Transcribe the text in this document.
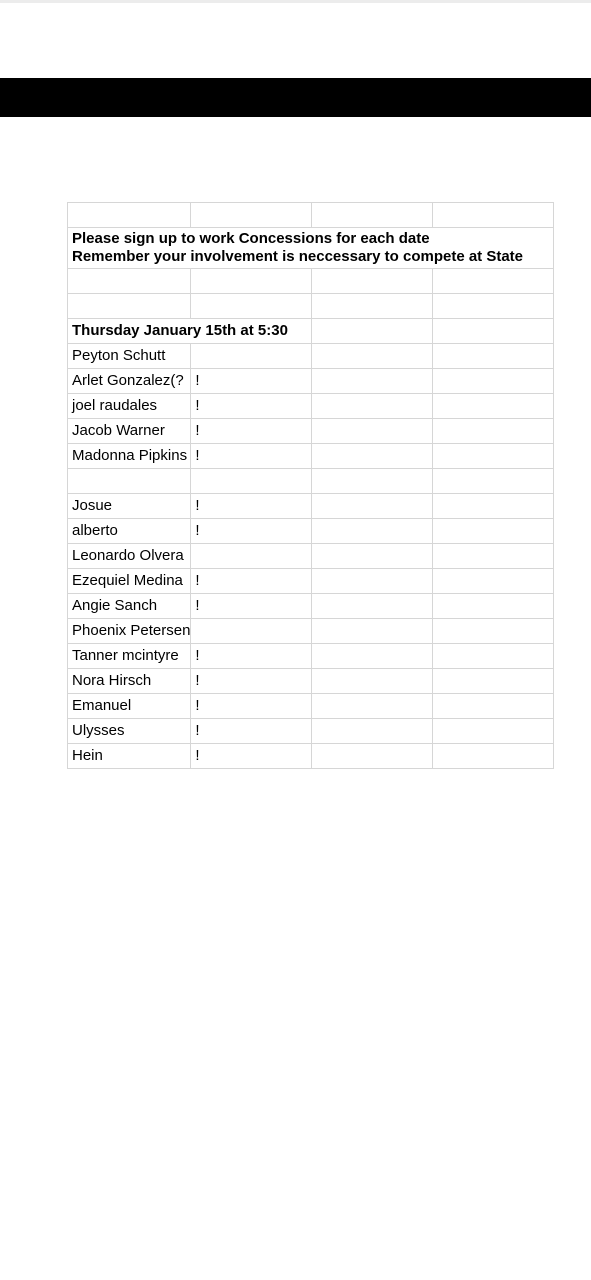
Please sign up to work Concessions for each date
Remember your involvement is neccessary to compete at State			

Thursday January 15th at 5:30			
Peyton Schutt			
Arlet Gonzalez(?	!		
joel raudales	!		
Jacob Warner	!		
Madonna Pipkins	!		

Josue	!		
alberto	!		
Leonardo Olvera			
Ezequiel Medina	!		
Angie Sanch	!		
Phoenix Petersen			
Tanner mcintyre	!		
Nora Hirsch	!		
Emanuel	!		
Ulysses	!		
Hein	!		
